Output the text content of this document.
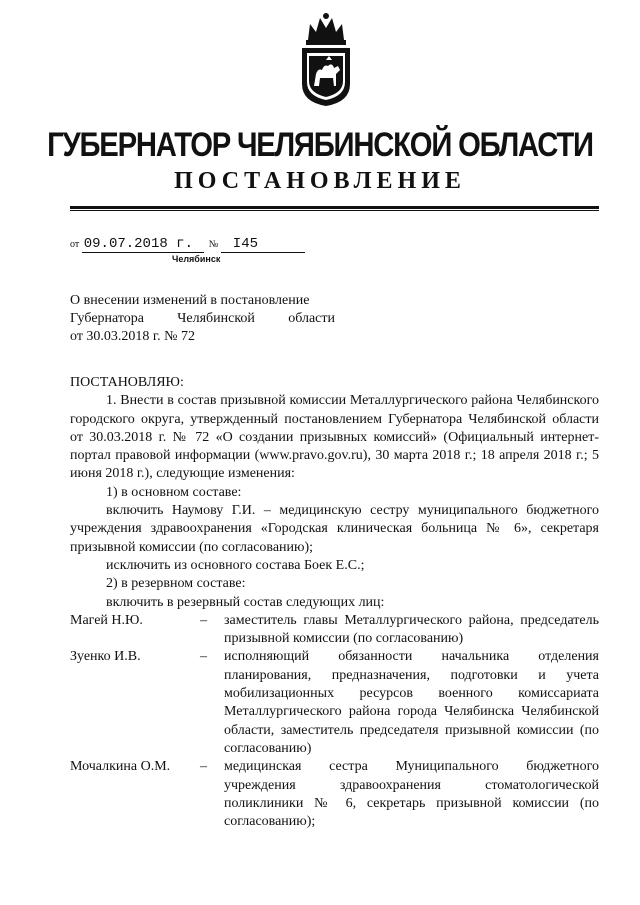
ГУБЕРНАТОР ЧЕЛЯБИНСКОЙ ОБЛАСТИ
ПОСТАНОВЛЕНИЕ
от 09.07.2018 г. № I45
Челябинск
О внесении изменений в постановление
Губернатора Челябинской области
от 30.03.2018 г. № 72

ПОСТАНОВЛЯЮ:

1. Внести в состав призывной комиссии Металлургического района Челябинского городского округа, утвержденный постановлением Губернатора Челябинской области от 30.03.2018 г. № 72 «О создании призывных комиссий» (Официальный интернет-портал правовой информации (www.pravo.gov.ru), 30 марта 2018 г.; 18 апреля 2018 г.; 5 июня 2018 г.), следующие изменения:

1) в основном составе:

включить Наумову Г.И. – медицинскую сестру муниципального бюджетного учреждения здравоохранения «Городская клиническая больница № 6», секретаря призывной комиссии (по согласованию);

исключить из основного состава Боек Е.С.;

2) в резервном составе:

включить в резервный состав следующих лиц:

Магей Н.Ю.	–	заместитель главы Металлургического района, председатель призывной комиссии (по согласованию)
Зуенко И.В.	–	исполняющий обязанности начальника отделения планирования, предназначения, подготовки и учета мобилизационных ресурсов военного комиссариата Металлургического района города Челябинска Челябинской области, заместитель председателя призывной комиссии (по согласованию)
Мочалкина О.М.	–	медицинская сестра Муниципального бюджетного учреждения здравоохранения стоматологической поликлиники № 6, секретарь призывной комиссии (по согласованию);
